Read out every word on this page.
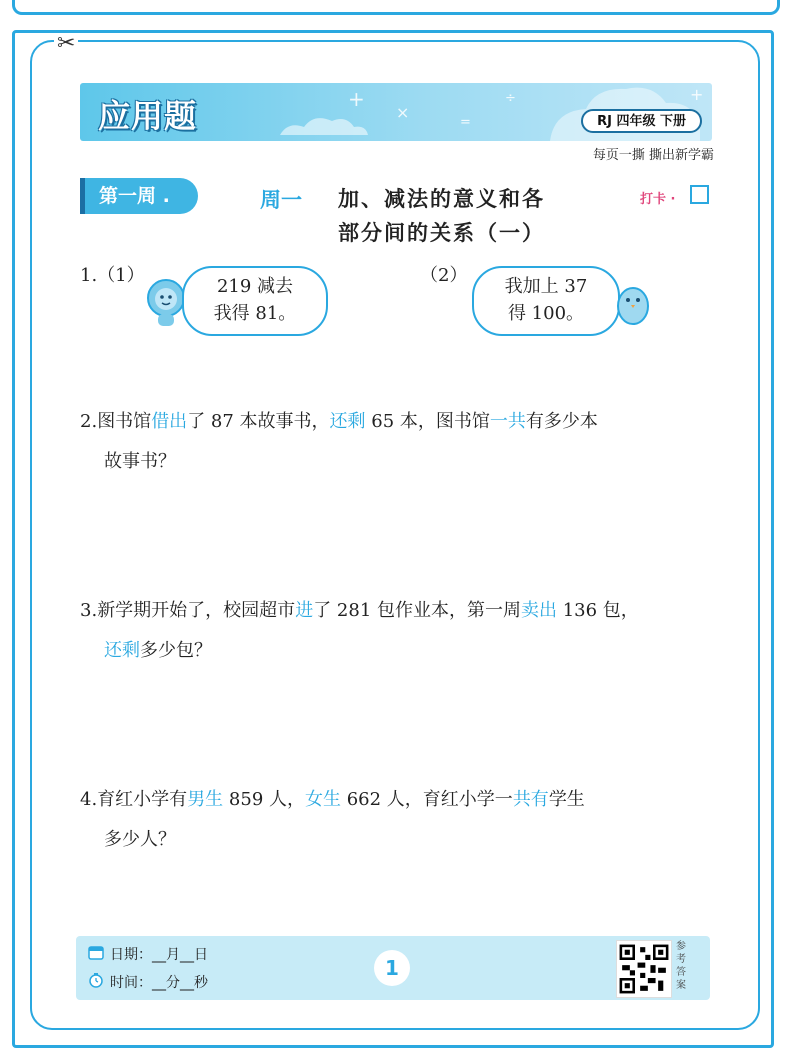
✂
+
×
=
÷	+
应用题	RJ 四年级 下册
每页一撕 撕出新学霸
第一周 .	周一 加、减法的意义和各
部分间的关系（一）
打卡 ·
1.（1）
219 减去
我得 81。
（2）
我加上 37
得 100。
2.图书馆借出了 87 本故事书，还剩 65 本，图书馆一共有多少本
故事书？
3.新学期开始了，校园超市进了 281 包作业本，第一周卖出 136 包，
还剩多少包？
4.育红小学有男生 859 人，女生 662 人，育红小学一共有学生
多少人？
日期：__月__日
时间：__分__秒
1
参考答案
